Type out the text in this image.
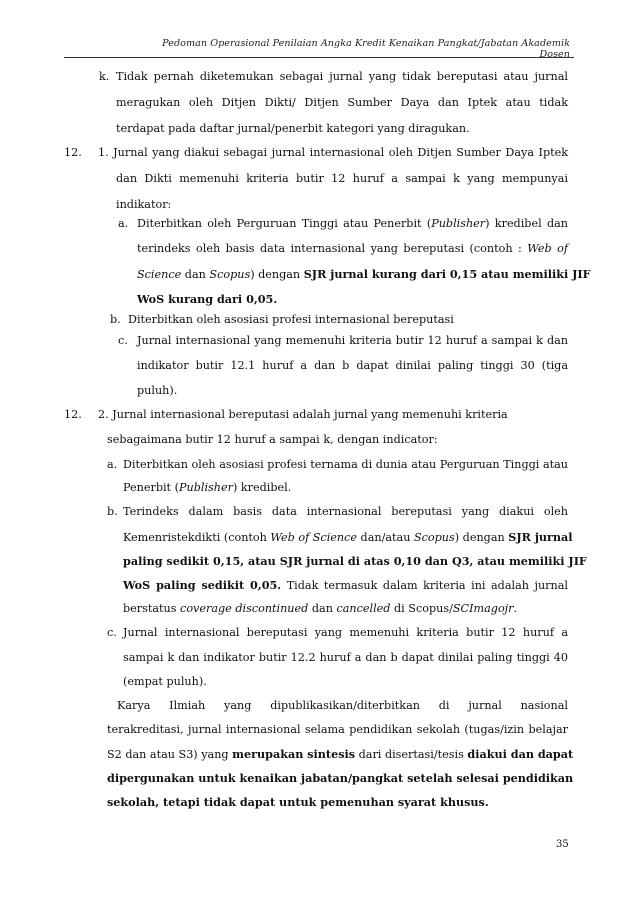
Pedoman Operasional Penilaian Angka Kredit Kenaikan Pangkat/Jabatan Akademik Dosen
k. Tidak pernah diketemukan sebagai jurnal yang tidak bereputasi atau jurnal
meragukan oleh Ditjen Dikti/ Ditjen Sumber Daya dan Iptek atau tidak
terdapat pada daftar jurnal/penerbit kategori yang diragukan.
12. 1. Jurnal yang diakui sebagai jurnal internasional oleh Ditjen Sumber Daya Iptek
dan Dikti memenuhi kriteria butir 12 huruf a sampai k yang mempunyai
indikator:
a. Diterbitkan oleh Perguruan Tinggi atau Penerbit (Publisher) kredibel dan
terindeks oleh basis data internasional yang bereputasi (contoh : Web of
Science dan Scopus) dengan SJR jurnal kurang dari 0,15 atau memiliki JIF
WoS kurang dari 0,05.
b. Diterbitkan oleh asosiasi profesi internasional bereputasi
c. Jurnal internasional yang memenuhi kriteria butir 12 huruf a sampai k dan
indikator butir 12.1 huruf a dan b dapat dinilai paling tinggi 30 (tiga
puluh).
12. 2. Jurnal internasional bereputasi adalah jurnal yang memenuhi kriteria
sebagaimana butir 12 huruf a sampai k, dengan indicator:
a. Diterbitkan oleh asosiasi profesi ternama di dunia atau Perguruan Tinggi atau
Penerbit (Publisher) kredibel.
b. Terindeks dalam basis data internasional bereputasi yang diakui oleh
Kemenristekdikti (contoh Web of Science dan/atau Scopus) dengan SJR jurnal
paling sedikit 0,15, atau SJR jurnal di atas 0,10 dan Q3, atau memiliki JIF
WoS paling sedikit 0,05. Tidak termasuk dalam kriteria ini adalah jurnal
berstatus coverage discontinued dan cancelled di Scopus/SCImagojr.
c. Jurnal internasional bereputasi yang memenuhi kriteria butir 12 huruf a
sampai k dan indikator butir 12.2 huruf a dan b dapat dinilai paling tinggi 40
(empat puluh).
Karya Ilmiah yang dipublikasikan/diterbitkan di jurnal nasional
terakreditasi, jurnal internasional selama pendidikan sekolah (tugas/izin belajar
S2 dan atau S3) yang merupakan sintesis dari disertasi/tesis diakui dan dapat
dipergunakan untuk kenaikan jabatan/pangkat setelah selesai pendidikan
sekolah, tetapi tidak dapat untuk pemenuhan syarat khusus.
35
